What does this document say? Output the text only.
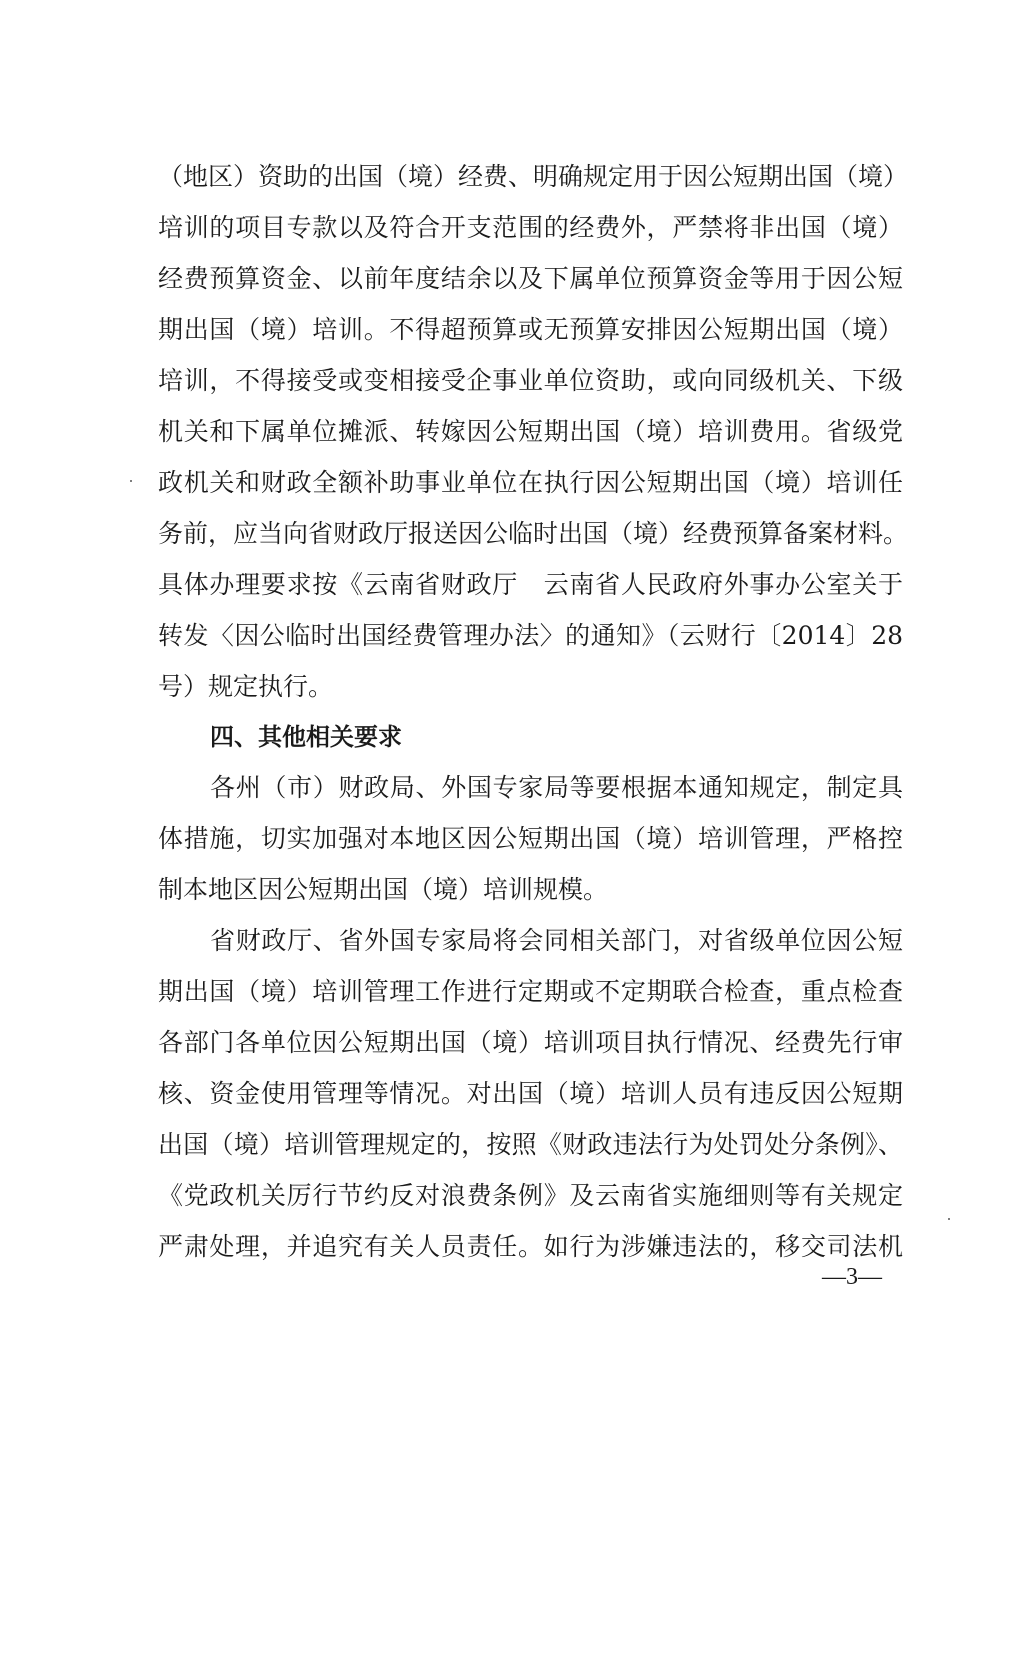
（地区）资助的出国（境）经费、明确规定用于因公短期出国（境）
培训的项目专款以及符合开支范围的经费外，严禁将非出国（境）
经费预算资金、以前年度结余以及下属单位预算资金等用于因公短
期出国（境）培训。不得超预算或无预算安排因公短期出国（境）
培训，不得接受或变相接受企事业单位资助，或向同级机关、下级
机关和下属单位摊派、转嫁因公短期出国（境）培训费用。省级党
政机关和财政全额补助事业单位在执行因公短期出国（境）培训任
务前，应当向省财政厅报送因公临时出国（境）经费预算备案材料。
具体办理要求按《云南省财政厅　云南省人民政府外事办公室关于
转发〈因公临时出国经费管理办法〉的通知》（云财行〔2014〕28
号）规定执行。
四、其他相关要求
各州（市）财政局、外国专家局等要根据本通知规定，制定具
体措施，切实加强对本地区因公短期出国（境）培训管理，严格控
制本地区因公短期出国（境）培训规模。
省财政厅、省外国专家局将会同相关部门，对省级单位因公短
期出国（境）培训管理工作进行定期或不定期联合检查，重点检查
各部门各单位因公短期出国（境）培训项目执行情况、经费先行审
核、资金使用管理等情况。对出国（境）培训人员有违反因公短期
出国（境）培训管理规定的，按照《财政违法行为处罚处分条例》、
《党政机关厉行节约反对浪费条例》及云南省实施细则等有关规定
严肃处理，并追究有关人员责任。如行为涉嫌违法的，移交司法机
—3—
